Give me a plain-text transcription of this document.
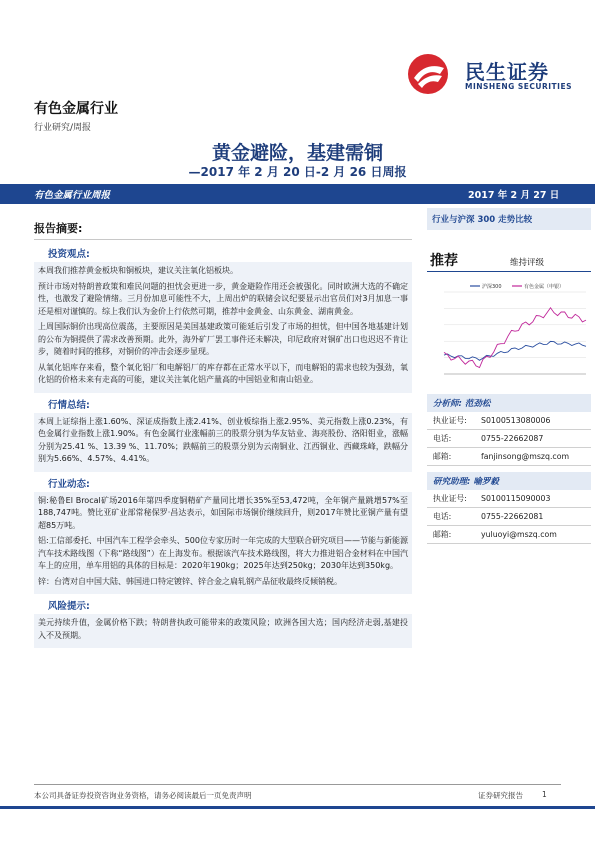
民生证券
MINSHENG SECURITIES
有色金属行业
行业研究/周报
黄金避险，基建需铜
—2017 年 2 月 20 日-2 月 26 日周报
有色金属行业周报	2017 年 2 月 27 日
报告摘要:
投资观点:

本周我们推荐黄金板块和铜板块，建议关注氧化铝板块。

预计市场对特朗普政策和难民问题的担忧会更进一步，黄金避险作用还会被强化。同时欧洲大选的不确定性，也激发了避险情绪。三月份加息可能性不大，上周出炉的联储会议纪要显示出官员们对3月加息一事还是相对谨慎的。综上我们认为金价上行依然可期，推荐中金黄金、山东黄金、湖南黄金。

上周国际铜价出现高位震荡，主要原因是美国基建政策可能延后引发了市场的担忧，但中国各地基建计划的公布为铜提供了需求改善预期。此外，海外矿厂罢工事件还未解决，印尼政府对铜矿出口也迟迟不肯让步，随着时间的推移，对铜价的冲击会逐步显现。

从氧化铝库存来看，整个氧化铝厂和电解铝厂的库存都在正常水平以下，而电解铝的需求也较为强劲，氧化铝的价格未来有走高的可能，建议关注氧化铝产量高的中国铝业和南山铝业。

行情总结:

本周上证综指上涨1.60%、深证成指数上涨2.41%、创业板综指上涨2.95%、美元指数上涨0.23%，有色金属行业指数上涨1.90%。有色金属行业涨幅前三的股票分别为华友钴业、海亮股份、洛阳钼业，涨幅分别为25.41 %、13.39 %、11.70%；跌幅前三的股票分别为云南铜业、江西铜业、西藏珠峰，跌幅分别为5.66%、4.57%、4.41%。

行业动态:

铜:秘鲁El Brocal矿场2016年第四季度铜精矿产量同比增长35%至53,472吨，全年铜产量跳增57%至188,747吨。赞比亚矿业部常秘保罗·昌达表示，如国际市场铜价继续回升，则2017年赞比亚铜产量有望超85万吨。

铝:工信部委托、中国汽车工程学会牵头、500位专家历时一年完成的大型联合研究项目——节能与新能源汽车技术路线图（下称“路线图”）在上海发布。根据该汽车技术路线图，将大力推进铝合金材料在中国汽车上的应用，单车用铝的具体的目标是：2020年190kg；2025年达到250kg；2030年达到350kg。

锌：台湾对自中国大陆、韩国进口特定镀锌、锌合金之扁轧钢产品征收最终反倾销税。

风险提示:

美元持续升值，金属价格下跌；特朗普执政可能带来的政策风险；欧洲各国大选；国内经济走弱,基建投入不及预期。

行业与沪深 300 走势比较
推荐	维持评级
沪深300	有色金属（申银）
分析师: 范劲松
执业证号:	S0100513080006
电话:	0755-22662087
邮箱:	fanjinsong@mszq.com
研究助理: 喻罗毅
执业证号:	S0100115090003
电话:	0755-22662081
邮箱:	yuluoyi@mszq.com
本公司具备证券投资咨询业务资格，请务必阅读最后一页免责声明	证券研究报告	1
